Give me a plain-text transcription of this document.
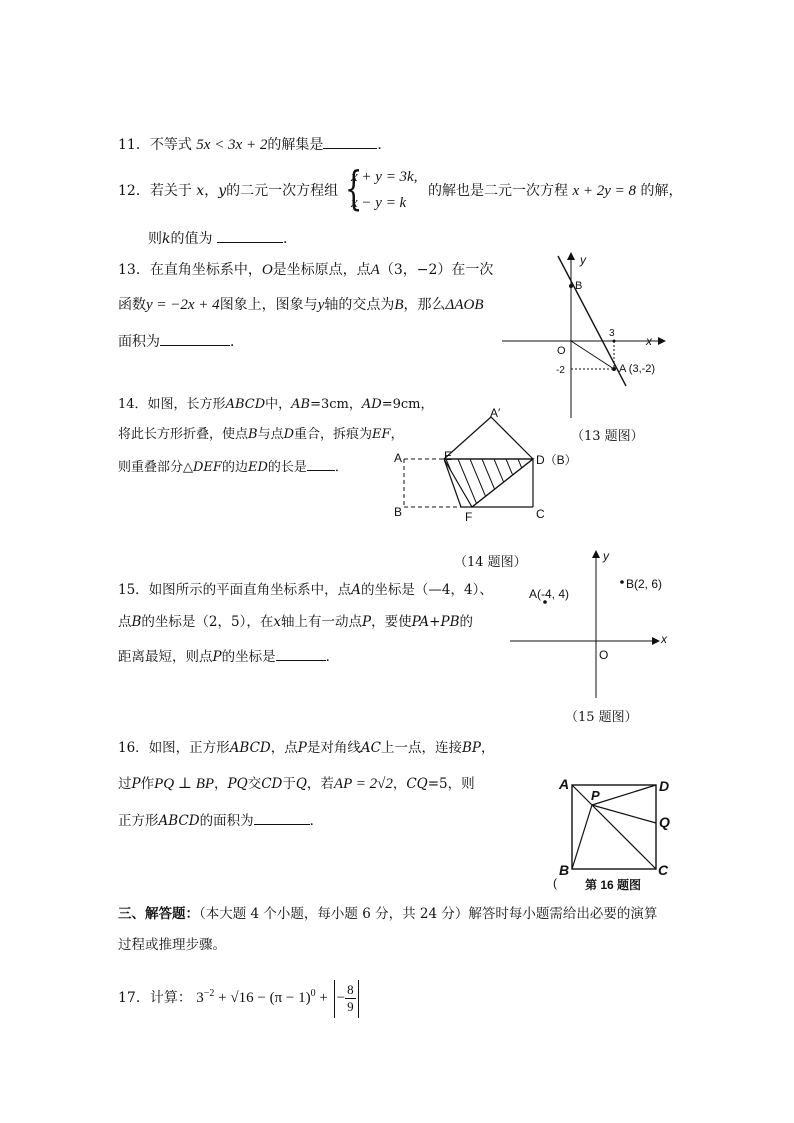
11．不等式 5x < 3x + 2的解集是	．
12．若关于 x，y的二元一次方程组 {
x + y = 3k,
x − y = k
的解也是二元一次方程 x + 2y = 8 的解，
则k的值为	．
13．在直角坐标系中，O是坐标原点，点A（3，−2）在一次
函数y = −2x + 4图象上，图象与y轴的交点为B，那么ΔAOB
面积为	．
y
B
3
x
O
-2	A (3,-2)
（13 题图）
14．如图，长方形ABCD中，AB=3cm，AD=9cm，
将此长方形折叠，使点B与点D重合，拆痕为EF，
则重叠部分△DEF的边ED的长是 ．
A′
A	E	D（B）
B	F	C
（14 题图）
15．如图所示的平面直角坐标系中，点A的坐标是（—4，4）、
点B的坐标是（2，5），在x轴上有一动点P，要使PA+PB的
距离最短，则点P的坐标是	．
y
x
A(-4, 4)
B(2, 6)
O
（15 题图）
16．如图，正方形ABCD，点P是对角线AC上一点，连接BP，
过P作PQ ⊥ BP，PQ交CD于Q，若AP = 2√2，CQ=5，则
正方形ABCD的面积为	．
A	D
P
Q
B	C
( 第 16 题图
三、解答题：（本大题 4 个小题，每小题 6 分，共 24 分）解答时每小题需给出必要的演算
过程或推理步骤。
17．计算： $3^{-2} + √16 - (\pi - 1)^0$ + − $\frac{8}{9}$
